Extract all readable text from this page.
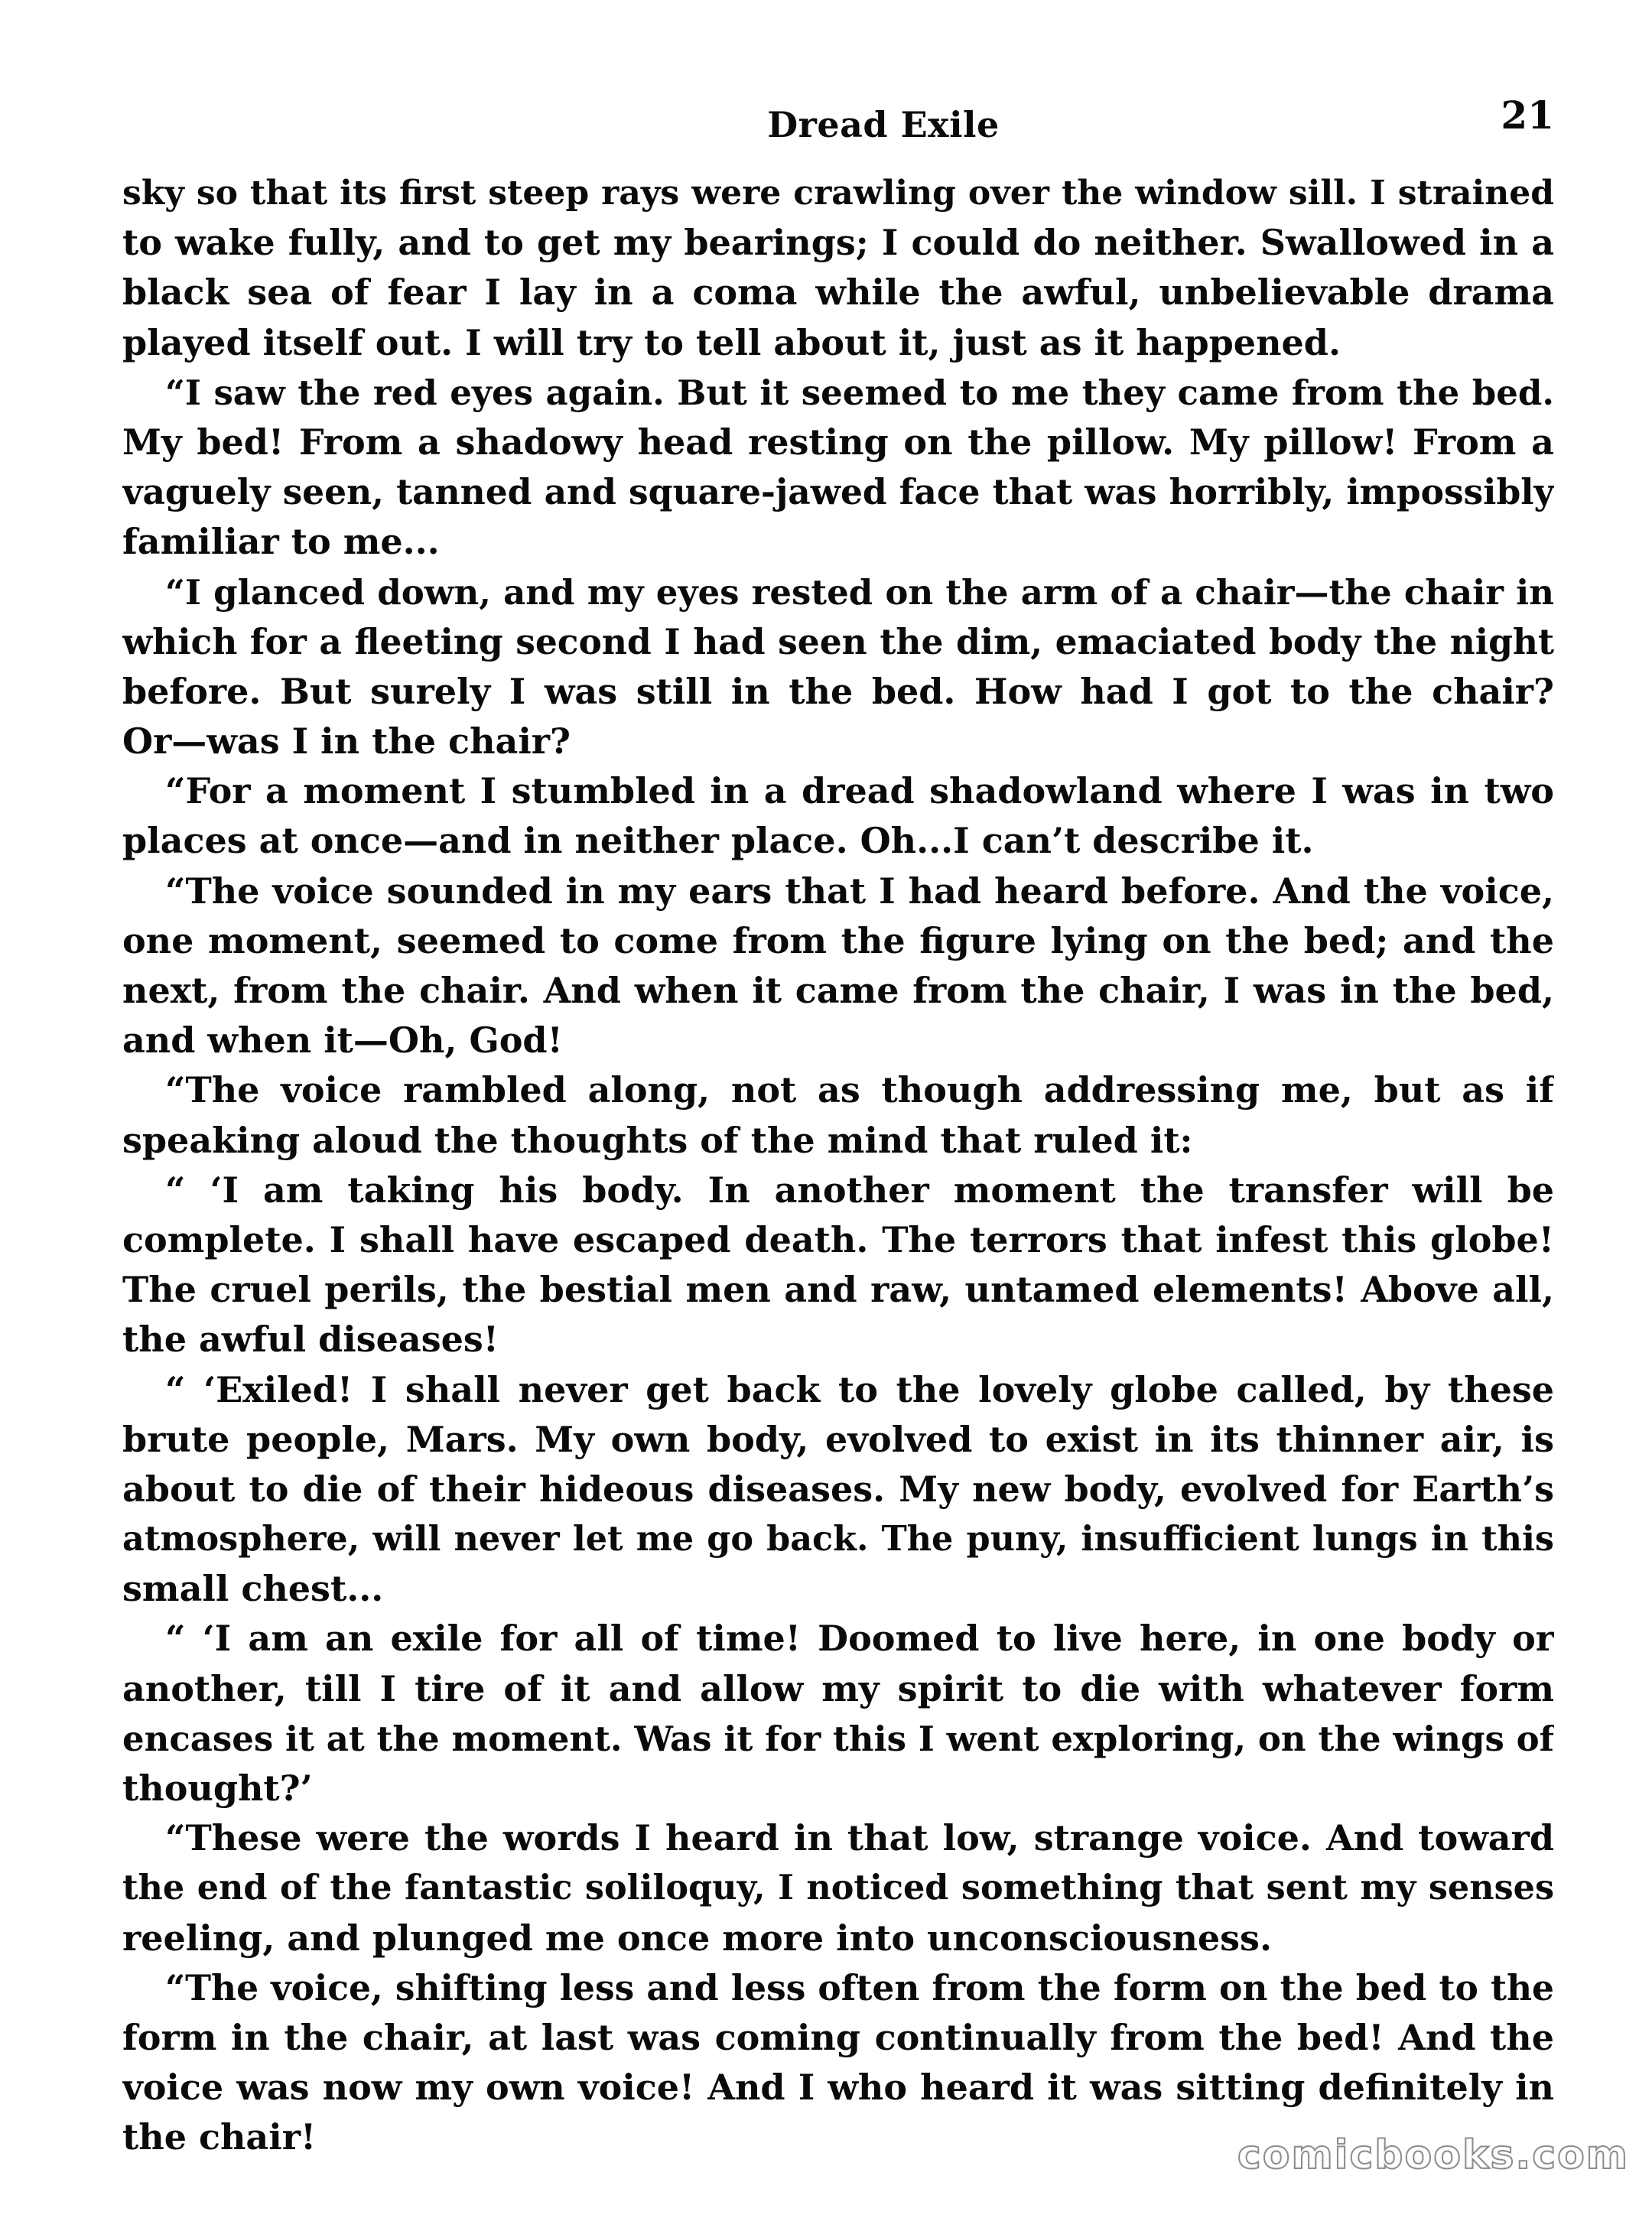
Dread Exile	21
sky so that its first steep rays were crawling over the window sill. I strained
to wake fully, and to get my bearings; I could do neither. Swallowed in a
black sea of fear I lay in a coma while the awful, unbelievable drama
played itself out. I will try to tell about it, just as it happened.
“I saw the red eyes again. But it seemed to me they came from the bed.
My bed! From a shadowy head resting on the pillow. My pillow! From a
vaguely seen, tanned and square-jawed face that was horribly, impossibly
familiar to me...
“I glanced down, and my eyes rested on the arm of a chair—the chair in
which for a fleeting second I had seen the dim, emaciated body the night
before. But surely I was still in the bed. How had I got to the chair?
Or—was I in the chair?
“For a moment I stumbled in a dread shadowland where I was in two
places at once—and in neither place. Oh...I can’t describe it.
“The voice sounded in my ears that I had heard before. And the voice,
one moment, seemed to come from the figure lying on the bed; and the
next, from the chair. And when it came from the chair, I was in the bed,
and when it—Oh, God!
“The voice rambled along, not as though addressing me, but as if
speaking aloud the thoughts of the mind that ruled it:
“ ‘I am taking his body. In another moment the transfer will be
complete. I shall have escaped death. The terrors that infest this globe!
The cruel perils, the bestial men and raw, untamed elements! Above all,
the awful diseases!
“ ‘Exiled! I shall never get back to the lovely globe called, by these
brute people, Mars. My own body, evolved to exist in its thinner air, is
about to die of their hideous diseases. My new body, evolved for Earth’s
atmosphere, will never let me go back. The puny, insufficient lungs in this
small chest...
“ ‘I am an exile for all of time! Doomed to live here, in one body or
another, till I tire of it and allow my spirit to die with whatever form
encases it at the moment. Was it for this I went exploring, on the wings of
thought?’
“These were the words I heard in that low, strange voice. And toward
the end of the fantastic soliloquy, I noticed something that sent my senses
reeling, and plunged me once more into unconsciousness.
“The voice, shifting less and less often from the form on the bed to the
form in the chair, at last was coming continually from the bed! And the
voice was now my own voice! And I who heard it was sitting definitely in
the chair!	comicbooks.com
